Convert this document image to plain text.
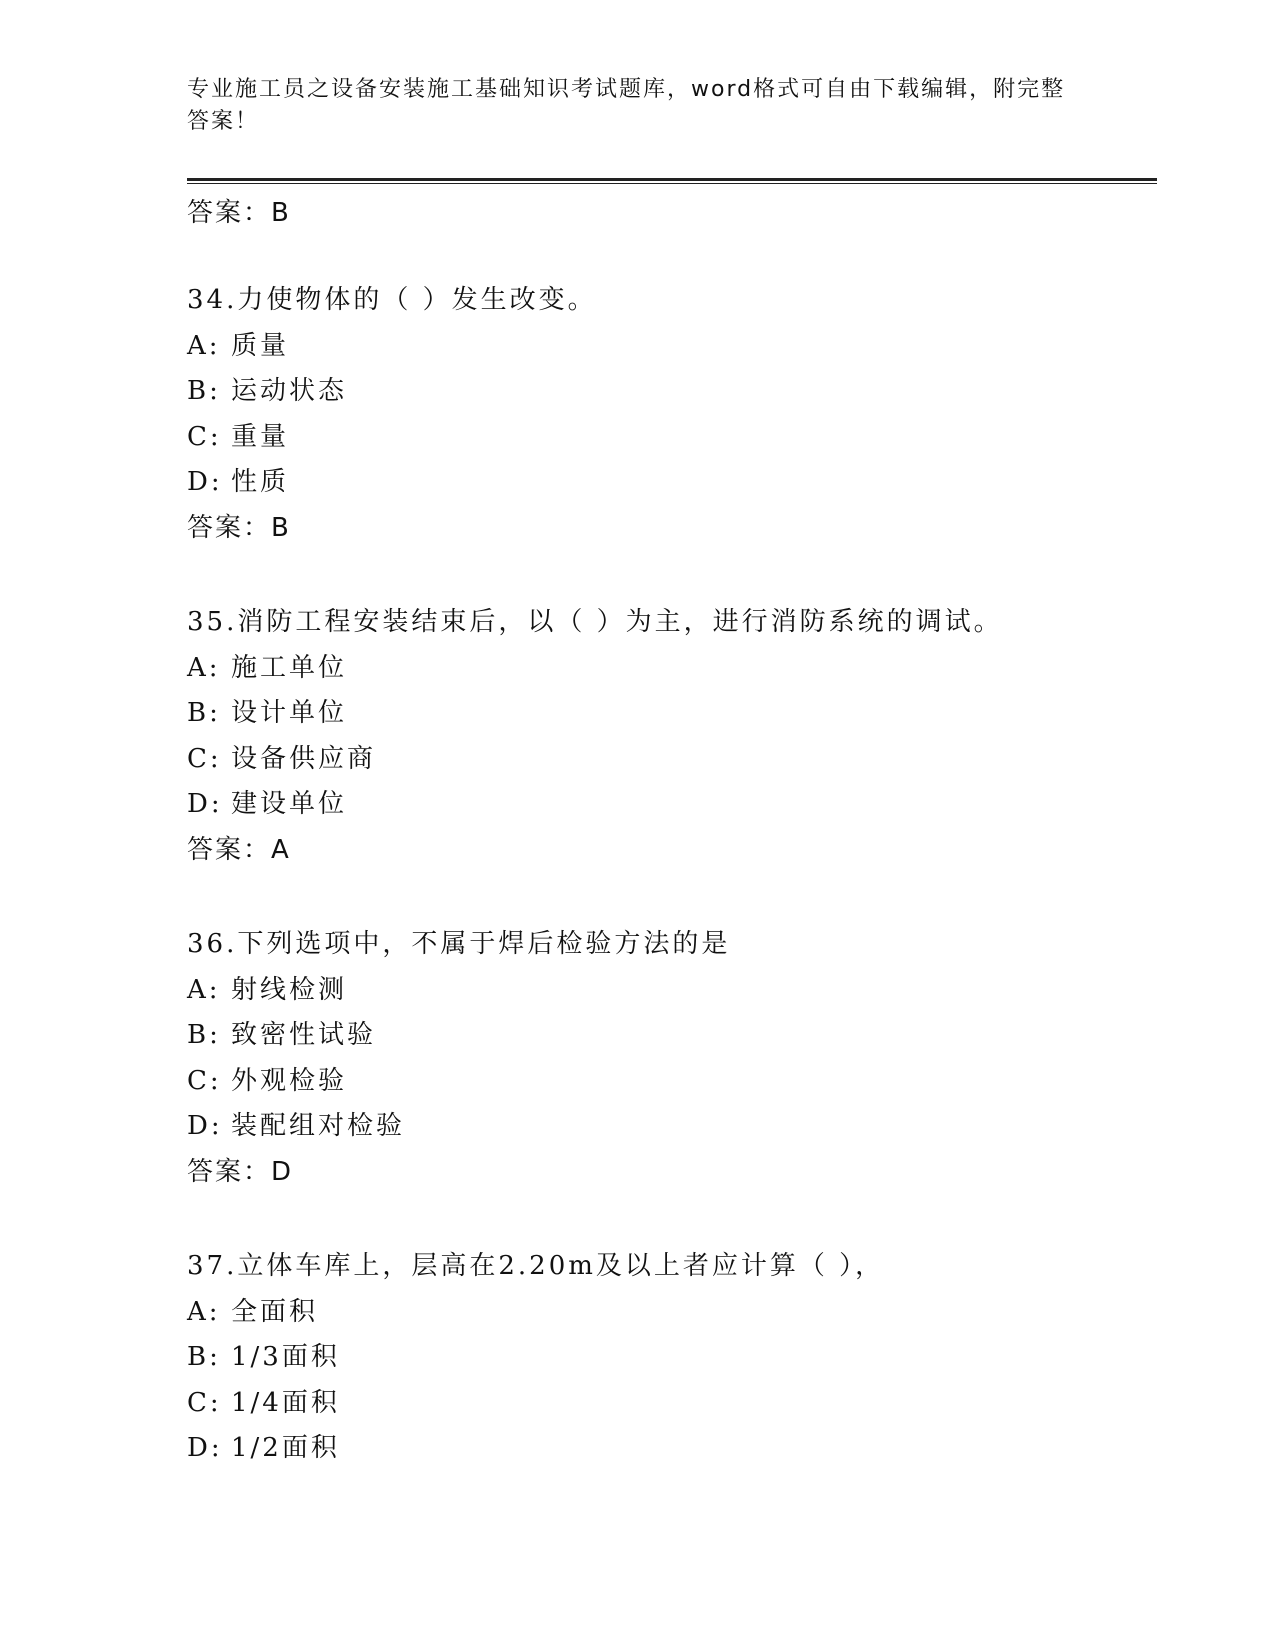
专业施工员之设备安装施工基础知识考试题库，word格式可自由下载编辑，附完整答案！
答案：B
34.力使物体的（ ）发生改变。
A: 质量
B: 运动状态
C: 重量
D: 性质
答案：B
35.消防工程安装结束后，以（ ）为主，进行消防系统的调试。
A: 施工单位
B: 设计单位
C: 设备供应商
D: 建设单位
答案：A
36.下列选项中，不属于焊后检验方法的是
A: 射线检测
B: 致密性试验
C: 外观检验
D: 装配组对检验
答案：D
37.立体车库上，层高在2.20m及以上者应计算（ ），
A: 全面积
B: 1/3面积
C: 1/4面积
D: 1/2面积
